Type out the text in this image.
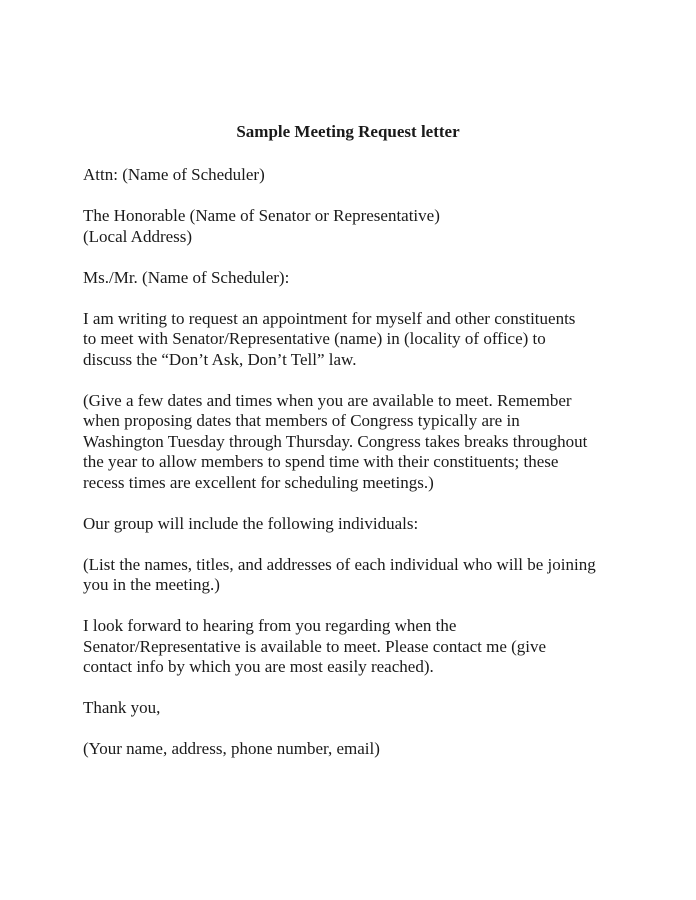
Sample Meeting Request letter

Attn: (Name of Scheduler)

The Honorable (Name of Senator or Representative)
(Local Address)

Ms./Mr. (Name of Scheduler):

I am writing to request an appointment for myself and other constituents
to meet with Senator/Representative (name) in (locality of office) to
discuss the “Don’t Ask, Don’t Tell” law.

(Give a few dates and times when you are available to meet. Remember
when proposing dates that members of Congress typically are in
Washington Tuesday through Thursday. Congress takes breaks throughout
the year to allow members to spend time with their constituents; these
recess times are excellent for scheduling meetings.)

Our group will include the following individuals:

(List the names, titles, and addresses of each individual who will be joining
you in the meeting.)

I look forward to hearing from you regarding when the
Senator/Representative is available to meet. Please contact me (give
contact info by which you are most easily reached).

Thank you,

(Your name, address, phone number, email)
